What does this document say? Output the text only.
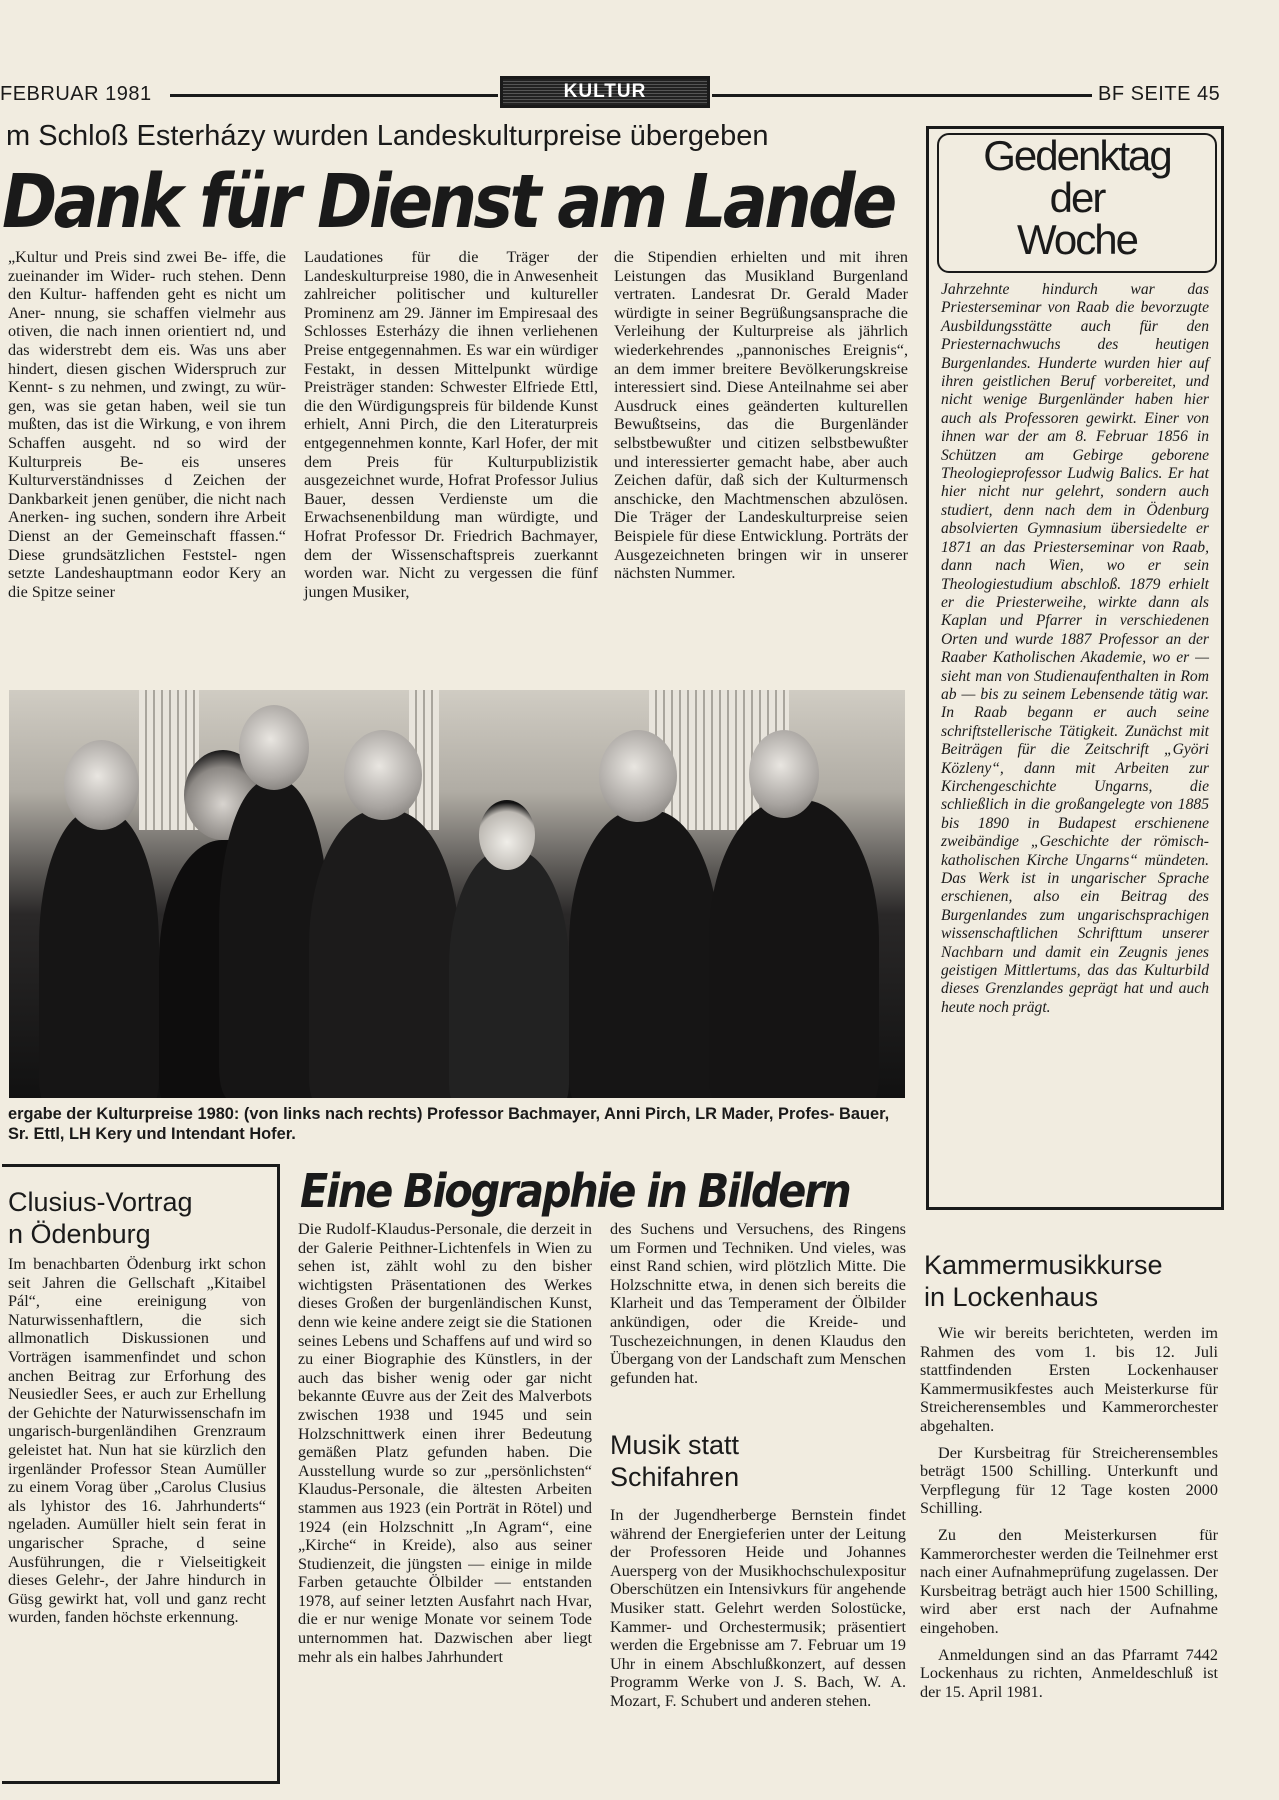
FEBRUAR 1981	KULTUR	BF SEITE 45
m Schloß Esterházy wurden Landeskulturpreise übergeben
Dank für Dienst am Lande
„Kultur und Preis sind zwei Be- iffe, die zueinander im Wider- ruch stehen. Denn den Kultur- haffenden geht es nicht um Aner- nnung, sie schaffen vielmehr aus otiven, die nach innen orientiert nd, und das widerstrebt dem eis. Was uns aber hindert, diesen gischen Widerspruch zur Kennt- s zu nehmen, und zwingt, zu wür- gen, was sie getan haben, weil sie tun mußten, das ist die Wirkung, e von ihrem Schaffen ausgeht. nd so wird der Kulturpreis Be- eis unseres Kulturverständnisses d Zeichen der Dankbarkeit jenen genüber, die nicht nach Anerken- ing suchen, sondern ihre Arbeit Dienst an der Gemeinschaft ffassen.“ Diese grundsätzlichen Feststel- ngen setzte Landeshauptmann eodor Kery an die Spitze seiner
Laudationes für die Träger der Landeskulturpreise 1980, die in Anwesenheit zahlreicher politischer und kultureller Prominenz am 29. Jänner im Empiresaal des Schlosses Esterházy die ihnen verliehenen Preise entgegennahmen. Es war ein würdiger Festakt, in dessen Mittelpunkt würdige Preisträger standen: Schwester Elfriede Ettl, die den Würdigungspreis für bildende Kunst erhielt, Anni Pirch, die den Literaturpreis entgegennehmen konnte, Karl Hofer, der mit dem Preis für Kulturpublizistik ausgezeichnet wurde, Hofrat Professor Julius Bauer, dessen Verdienste um die Erwachsenenbildung man würdigte, und Hofrat Professor Dr. Friedrich Bachmayer, dem der Wissenschaftspreis zuerkannt worden war. Nicht zu vergessen die fünf jungen Musiker,
die Stipendien erhielten und mit ihren Leistungen das Musikland Burgenland vertraten. Landesrat Dr. Gerald Mader würdigte in seiner Begrüßungsansprache die Verleihung der Kulturpreise als jährlich wiederkehrendes „pannonisches Ereignis“, an dem immer breitere Bevölkerungskreise interessiert sind. Diese Anteilnahme sei aber Ausdruck eines geänderten kulturellen Bewußtseins, das die Burgenländer selbstbewußter und citizen selbstbewußter und interessierter gemacht habe, aber auch Zeichen dafür, daß sich der Kulturmensch anschicke, den Machtmenschen abzulösen. Die Träger der Landeskulturpreise seien Beispiele für diese Entwicklung. Porträts der Ausgezeichneten bringen wir in unserer nächsten Nummer.
ergabe der Kulturpreise 1980: (von links nach rechts) Professor Bachmayer, Anni Pirch, LR Mader, Profes- Bauer, Sr. Ettl, LH Kery und Intendant Hofer.
Gedenktag
der
Woche
Jahrzehnte hindurch war das Priesterseminar von Raab die bevorzugte Ausbildungsstätte auch für den Priesternachwuchs des heutigen Burgenlandes. Hunderte wurden hier auf ihren geistlichen Beruf vorbereitet, und nicht wenige Burgenländer haben hier auch als Professoren gewirkt. Einer von ihnen war der am 8. Februar 1856 in Schützen am Gebirge geborene Theologieprofessor Ludwig Balics. Er hat hier nicht nur gelehrt, sondern auch studiert, denn nach dem in Ödenburg absolvierten Gymnasium übersiedelte er 1871 an das Priesterseminar von Raab, dann nach Wien, wo er sein Theologiestudium abschloß. 1879 erhielt er die Priesterweihe, wirkte dann als Kaplan und Pfarrer in verschiedenen Orten und wurde 1887 Professor an der Raaber Katholischen Akademie, wo er — sieht man von Studienaufenthalten in Rom ab — bis zu seinem Lebensende tätig war. In Raab begann er auch seine schriftstellerische Tätigkeit. Zunächst mit Beiträgen für die Zeitschrift „Györi Közleny“, dann mit Arbeiten zur Kirchengeschichte Ungarns, die schließlich in die großangelegte von 1885 bis 1890 in Budapest erschienene zweibändige „Geschichte der römisch-katholischen Kirche Ungarns“ mündeten. Das Werk ist in ungarischer Sprache erschienen, also ein Beitrag des Burgenlandes zum ungarischsprachigen wissenschaftlichen Schrifttum unserer Nachbarn und damit ein Zeugnis jenes geistigen Mittlertums, das das Kulturbild dieses Grenzlandes geprägt hat und auch heute noch prägt.
Clusius-Vortrag
n Ödenburg
Im benachbarten Ödenburg irkt schon seit Jahren die Gellschaft „Kitaibel Pál“, eine ereinigung von Naturwissenhaftlern, die sich allmonatlich Diskussionen und Vorträgen isammenfindet und schon anchen Beitrag zur Erforhung des Neusiedler Sees, er auch zur Erhellung der Gehichte der Naturwissenschafn im ungarisch-burgenländihen Grenzraum geleistet hat. Nun hat sie kürzlich den irgenländer Professor Stean Aumüller zu einem Vorag über „Carolus Clusius als lyhistor des 16. Jahrhunderts“ ngeladen. Aumüller hielt sein ferat in ungarischer Sprache, d seine Ausführungen, die r Vielseitigkeit dieses Gelehr-, der Jahre hindurch in Güsg gewirkt hat, voll und ganz recht wurden, fanden höchste erkennung.
Eine Biographie in Bildern
Die Rudolf-Klaudus-Personale, die derzeit in der Galerie Peithner-Lichtenfels in Wien zu sehen ist, zählt wohl zu den bisher wichtigsten Präsentationen des Werkes dieses Großen der burgenländischen Kunst, denn wie keine andere zeigt sie die Stationen seines Lebens und Schaffens auf und wird so zu einer Biographie des Künstlers, in der auch das bisher wenig oder gar nicht bekannte Œuvre aus der Zeit des Malverbots zwischen 1938 und 1945 und sein Holzschnittwerk einen ihrer Bedeutung gemäßen Platz gefunden haben. Die Ausstellung wurde so zur „persönlichsten“ Klaudus-Personale, die ältesten Arbeiten stammen aus 1923 (ein Porträt in Rötel) und 1924 (ein Holzschnitt „In Agram“, eine „Kirche“ in Kreide), also aus seiner Studienzeit, die jüngsten — einige in milde Farben getauchte Ölbilder — entstanden 1978, auf seiner letzten Ausfahrt nach Hvar, die er nur wenige Monate vor seinem Tode unternommen hat. Dazwischen aber liegt mehr als ein halbes Jahrhundert
des Suchens und Versuchens, des Ringens um Formen und Techniken. Und vieles, was einst Rand schien, wird plötzlich Mitte. Die Holzschnitte etwa, in denen sich bereits die Klarheit und das Temperament der Ölbilder ankündigen, oder die Kreide- und Tuschezeichnungen, in denen Klaudus den Übergang von der Landschaft zum Menschen gefunden hat.
Musik statt
Schifahren
In der Jugendherberge Bernstein findet während der Energieferien unter der Leitung der Professoren Heide und Johannes Auersperg von der Musikhochschulexpositur Oberschützen ein Intensivkurs für angehende Musiker statt. Gelehrt werden Solostücke, Kammer- und Orchestermusik; präsentiert werden die Ergebnisse am 7. Februar um 19 Uhr in einem Abschlußkonzert, auf dessen Programm Werke von J. S. Bach, W. A. Mozart, F. Schubert und anderen stehen.
Kammermusikkurse
in Lockenhaus

Wie wir bereits berichteten, werden im Rahmen des vom 1. bis 12. Juli stattfindenden Ersten Lockenhauser Kammermusikfestes auch Meisterkurse für Streicherensembles und Kammerorchester abgehalten.

Der Kursbeitrag für Streicherensembles beträgt 1500 Schilling. Unterkunft und Verpflegung für 12 Tage kosten 2000 Schilling.

Zu den Meisterkursen für Kammerorchester werden die Teilnehmer erst nach einer Aufnahmeprüfung zugelassen. Der Kursbeitrag beträgt auch hier 1500 Schilling, wird aber erst nach der Aufnahme eingehoben.

Anmeldungen sind an das Pfarramt 7442 Lockenhaus zu richten, Anmeldeschluß ist der 15. April 1981.
